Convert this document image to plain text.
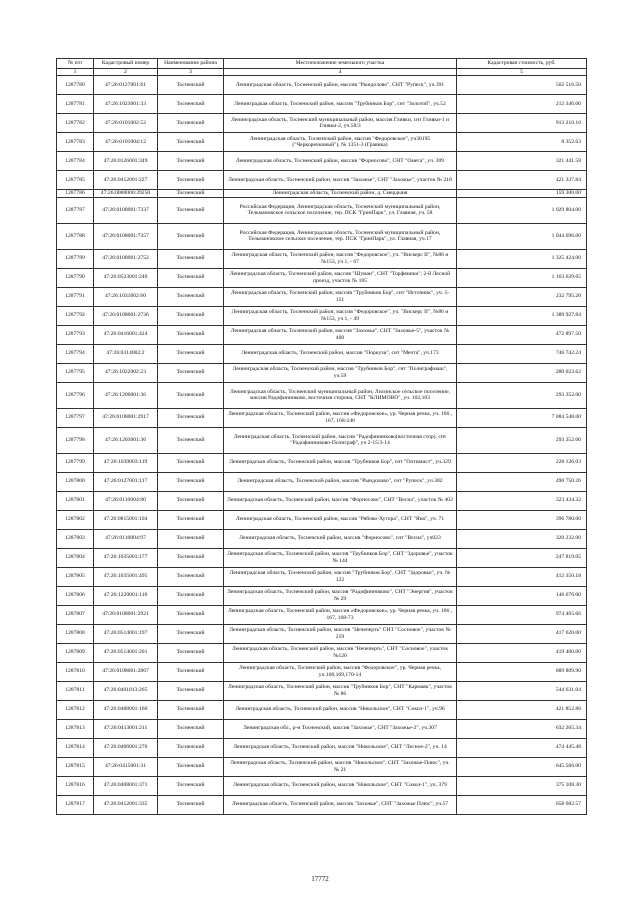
№ п/п	Кадастровый номер	Наименование района	Местоположение земельного участка	Кадастровая стоимость, руб.
1	2	3	4	5
1287780	47:26:0127001:61	Тосненский	Ленинградская область, Тосненский район, массив "Рындолово", СНТ "Рупеск", уч.391	502 516.50
1287781	47:26:1023001:33	Тосненский	Ленинградкая область, Тосненский район, массив "Трубников Бор", снт "Золотой", уч.52	212 346.00
1287782	47:26:0101002:52	Тосненский	Ленинградская область, Тосненский муниципальный район, массив Гливки, снт Гливки-1 и Гливки-2, уч.58/3	913 210.16
1287783	47:26:0101004:12	Тосненский	Ленинградская область, Тосненский район, массив "Федоровское", уч30195 ("Черкоречкиный"), № 1351-3 (Гравика)	8 352.63
1287784	47:26:0126001:349	Тосненский	Ленинградская область, Тосненский район, массив "Форносово", СНТ "Омега", уч. 309	321 441.58
1287785	47:26:0412001:227	Тосненский	Ленинградская область, Тосненский район, массив "Захожье", СНТ "Захожье", участок № 218	421 337.84
1287786	47:26:0000000:39250	Тосненский	Ленинградская область, Тосненский район, д. Смердыня	159 300.00
1287787	47:26:0108001:7337	Тосненский	Российская Федерация, Ленинградская область, Тосненский муниципальный район, Тельмановское сельское поселение, тер. ПСК "ГринПарк", ул. Главная, уч. 58	1 029 804.00
1287788	47:26:0108001:7357	Тосненский	Российская Федерация, Ленинградская область, Тосненский муниципальный район, Тельмановское сельское поселение, тер. ПСК "ГринПарк", ул. Главная, уч.17	1 044 696.00
1287789	47:26:0108001:2752	Тосненский	Ленинградская область, Тосненский район, массив "Федоровское", уч. "Вискерс II", №86 и №153, уч 1, - 67	1 325 424.00
1287790	47:26:0523001:240	Тосненский	Ленинградская область, Тосненский район, массив "Шуман", СНТ "Торфяники", 2-й Лесной проезд, участок № 185	1 163 639.65
1287791	47:26:1031002:60	Тосненский	Ленинградская область, Тосненский район, массив "Трубников Бор", снт "Источник", уч. 5-151	232 795.20
1287792	47:26:0108001:2736	Тосненский	Ленинградская область, Тосненский район, массив "Федоровское", уч. "Вискерс II", №86 и №153, уч 1, - 49	1 389 927.84
1287793	47:26:0416001:424	Тосненский	Ленинградская область, Тосненский район, массив "Захожье", СНТ "Захожье-5", участок № 400	472 897.50
1287794	47:26:0314002:2	Тосненский	Ленинградская область, Тосненский район, массив "Поркузи", снт "Мечта", уч.173	746 742.24
1287795	47:26:1022002:23	Тосненский	Ленинградская область, Тосненский район, массив "Трубников Бор", снт "Полиграфмаш", уч.59	280 023.62
1287796	47:26:1206001:36	Тосненский	Ленинградская область, Тосненский муниципальный район, Лисинское сельское поселение, массив Радофинниково, восточная сторона, СНТ "КЛИМОВО", уч. 102,103	293 352.00
1287797	47:26:0108001:2917	Тосненский	Ленинградская область, Тосненский район, массив «Федоровское», ур. Черная речка, уч. 166 , 167, 168-246	7 084 548.00
1287798	47:26:1203001:36	Тосненский	Ленинградская область, Тосненский район, массив "Радофинниково(восточная стор), снт "Радофинниково-Полиграф", уч 2-15/3-14	293 352.00
1287799	47:26:1039003:119	Тосненский	Ленинградская область, Тосненский район, массив "Трубников Бор", снт "Оптимист", уч.329	228 126.03
1287800	47:26:0127001:117	Тосненский	Ленинградская область, Тосненский район, массив "Рындолово", снт "Рупеск", уч.382	490 750.26
1287801	47:26:0110004:80	Тосненский	Ленинградская область, Тосненский район, массив "Форносово", СНТ "Весна", участок № 402	323 434.32
1287802	47:26:0815001:104	Тосненский	Ленинградская область, Тосненский район, массив "Рябово-Хутора", СНТ "Яна", уч. 71	396 780.00
1287803	47:26:0110004:97	Тосненский	Ленинградская область, Тосненский район, массив "Форносово", снт "Весна", уч023	320 232.00
1287804	47:26:1035001:177	Тосненский	Ленинградская область, Тосненский район, массив "Трубников Бор", СНТ "Здоровье", участок № 144	247 819.05
1287805	47:26:1035001:495	Тосненский	Ленинградская область, Тосненский район, массив "Трубников Бор", СНТ "Здоровье", уч. № 122	412 350.18
1287806	47:26:1220001:110	Тосненский	Ленинградская область, Тосненский район, массив "Радофинниково", СНТ "Энергия", участок № 29	146 676.00
1287807	47:26:0108001:2921	Тосненский	Ленинградская область, Тосненский район, массив «Федоровское», ур. Черная речка, уч. 166 , 167, 168-73	974 465.66
1287808	47:26:0514001:197	Тосненский	Ленинградская область, Тосненский район, массив "Нечеперть" СНТ "Сосновое", участок № 259	417 620.00
1287809	47:26:0514001:201	Тосненский	Ленинградская область, Тосненский район, массив "Нечеперть", СНТ "Сосновое", участок №120	419 400.00
1287810	47:26:0108001:2867	Тосненский	Ленинградская область, Тосненский район, массив "Федоровское", ур. Черная речка, уч.168,169,170-14	889 809.90
1287811	47:26:0401013:265	Тосненский	Ленинградская область, Тосненский район, массив "Трубников Бор", СНТ "Кармаяк", участок № 86	544 631.04
1287812	47:26:0408001:160	Тосненский	Ленинградская область, Тосненский район, массив "Никольское", СНТ "Сокол-1", уч.96	421 852.86
1287813	47:26:0413001:211	Тосненский	Ленинградская обл., р-н Тосненский, массив "Захожье", СНТ "Захожье-2", уч.307	632 265.34
1287814	47:26:0406001:270	Тосненский	Ленинградская область, Тосненский район, массив "Никольское", СНТ "Лесное-2", уч. 14	474 445.48
1287815	47:26:0415001:31	Тосненский	Ленинградская область, Тосненский район, массив "Никольское", СНТ "Захожье-Плюс", уч. № 21	645 566.00
1287816	47:26:0408001:371	Тосненский	Ленинградская область, Тосненский район, массив "Никольское", СНТ "Сокол-1", уч. 379	375 108.30
1287817	47:26:0412001:335	Тосненский	Ленинградская область, Тосненский район, массив "Захожье", СНТ "Захожье Плюс", уч.57	658 682.57
17772
